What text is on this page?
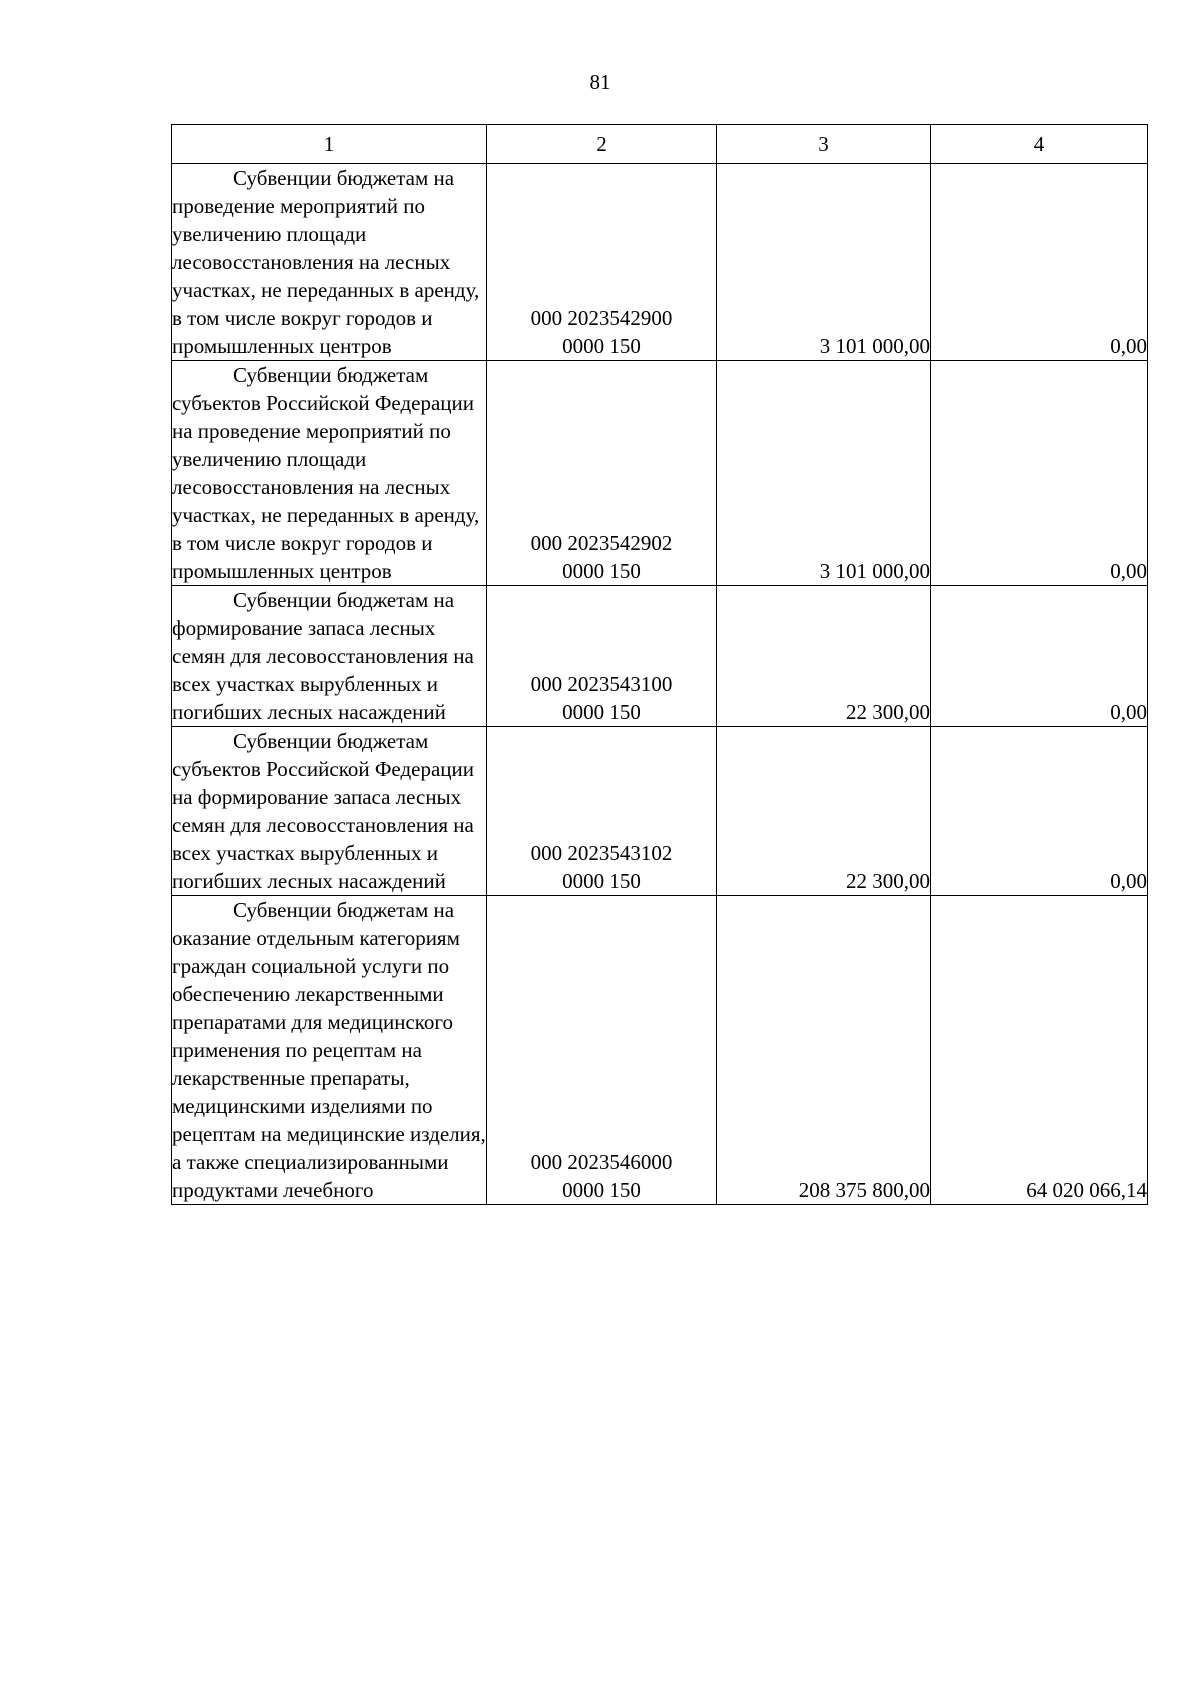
81
1	2	3	4

Субвенции бюджетам на проведение мероприятий по увеличению площади лесовосстановления на лесных участках, не переданных в аренду, в том числе вокруг городов и промышленных центров	000 2023542900
0000 150	3 101 000,00	0,00

Субвенции бюджетам субъектов Российской Федерации на проведение мероприятий по увеличению площади лесовосстановления на лесных участках, не переданных в аренду, в том числе вокруг городов и промышленных центров	000 2023542902
0000 150	3 101 000,00	0,00

Субвенции бюджетам на формирование запаса лесных семян для лесовосстановления на всех участках вырубленных и погибших лесных насаждений	000 2023543100
0000 150	22 300,00	0,00

Субвенции бюджетам субъектов Российской Федерации на формирование запаса лесных семян для лесовосстановления на всех участках вырубленных и погибших лесных насаждений	000 2023543102
0000 150	22 300,00	0,00

Субвенции бюджетам на оказание отдельным категориям граждан социальной услуги по обеспечению лекарственными препаратами для медицинского применения по рецептам на лекарственные препараты, медицинскими изделиями по рецептам на медицинские изделия, а также специализированными продуктами лечебного	000 2023546000
0000 150	208 375 800,00	64 020 066,14
